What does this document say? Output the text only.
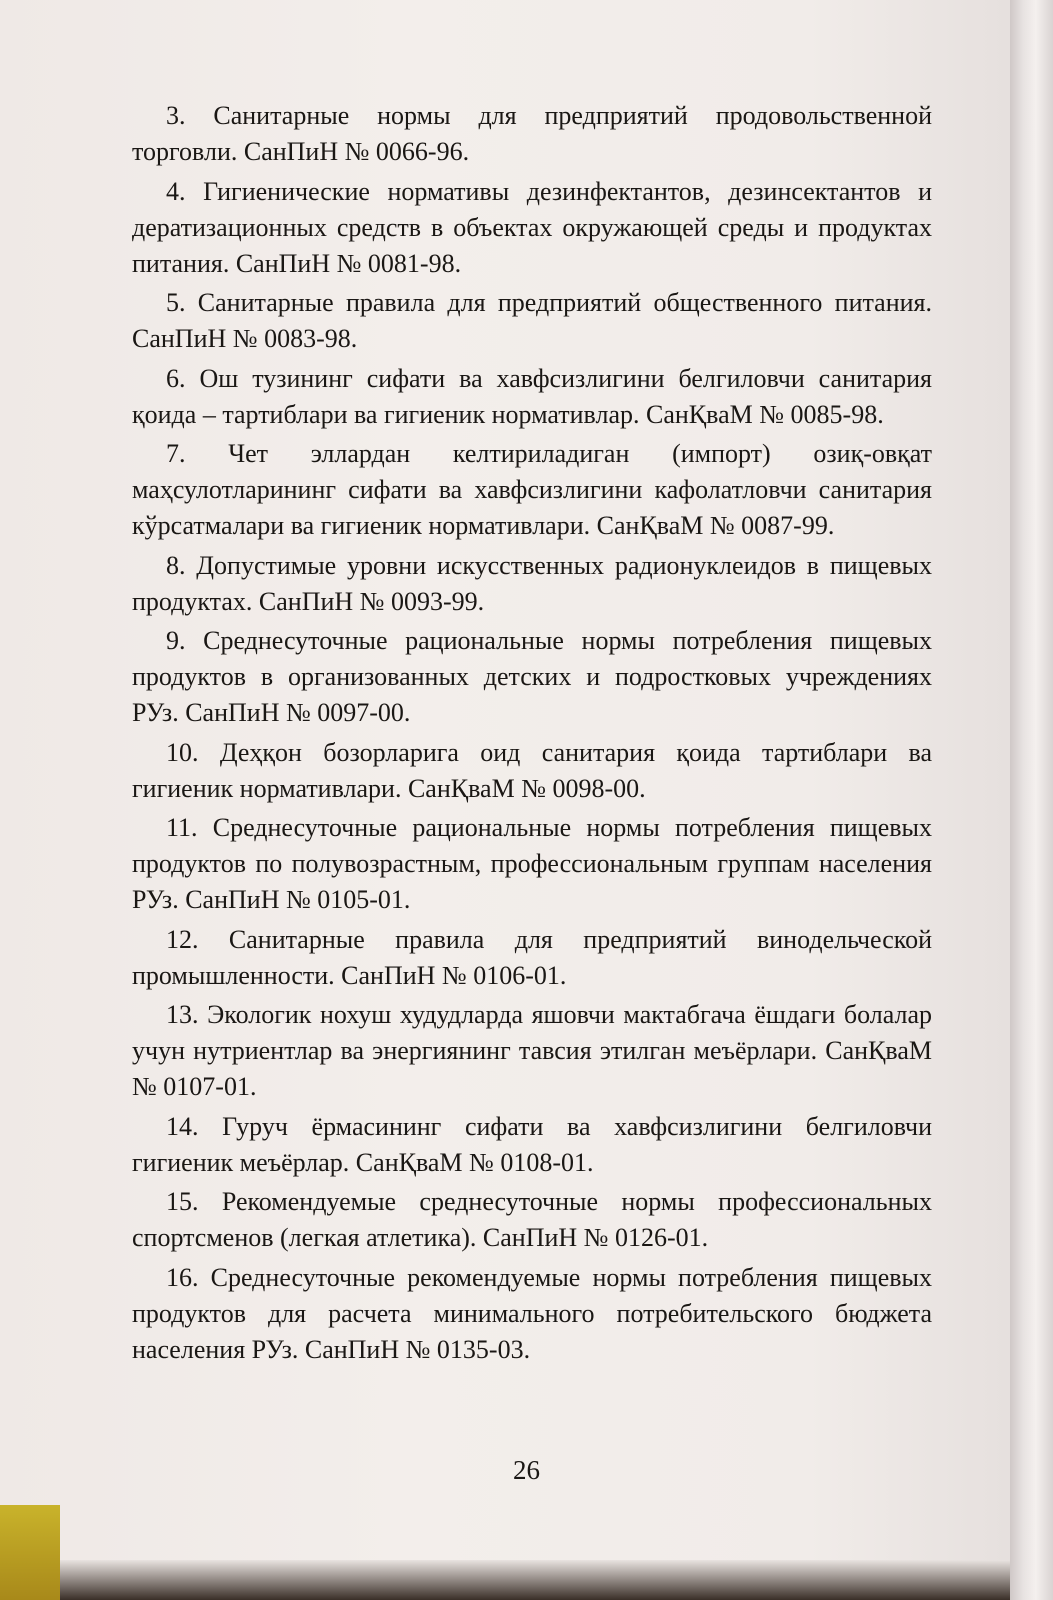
3. Санитарные нормы для предприятий продовольственной торговли. СанПиН № 0066-96.

4. Гигиенические нормативы дезинфектантов, дезинсектантов и дератизационных средств в объектах окружающей среды и продуктах питания. СанПиН № 0081-98.

5. Санитарные правила для предприятий общественного питания. СанПиН № 0083-98.

6. Ош тузининг сифати ва хавфсизлигини белгиловчи санитария қоида – тартиблари ва гигиеник нормативлар. СанҚваМ № 0085-98.

7. Чет эллардан келтириладиган (импорт) озиқ-овқат маҳсулотларининг сифати ва хавфсизлигини кафолатловчи санитария кўрсатмалари ва гигиеник нормативлари. СанҚваМ № 0087-99.

8. Допустимые уровни искусственных радионуклеидов в пищевых продуктах. СанПиН № 0093-99.

9. Среднесуточные рациональные нормы потребления пищевых продуктов в организованных детских и подростковых учреждениях РУз. СанПиН № 0097-00.

10. Деҳқон бозорларига оид санитария қоида тартиблари ва гигиеник нормативлари. СанҚваМ № 0098-00.

11. Среднесуточные рациональные нормы потребления пищевых продуктов по полувозрастным, профессиональным группам населения РУз. СанПиН № 0105-01.

12. Санитарные правила для предприятий винодельческой промышленности. СанПиН № 0106-01.

13. Экологик нохуш худудларда яшовчи мактабгача ёшдаги болалар учун нутриентлар ва энергиянинг тавсия этилган меъёрлари. СанҚваМ № 0107-01.

14. Гуруч ёрмасининг сифати ва хавфсизлигини белгиловчи гигиеник меъёрлар. СанҚваМ № 0108-01.

15. Рекомендуемые среднесуточные нормы профессиональных спортсменов (легкая атлетика). СанПиН № 0126-01.

16. Среднесуточные рекомендуемые нормы потребления пищевых продуктов для расчета минимального потребительского бюджета населения РУз. СанПиН № 0135-03.

26
